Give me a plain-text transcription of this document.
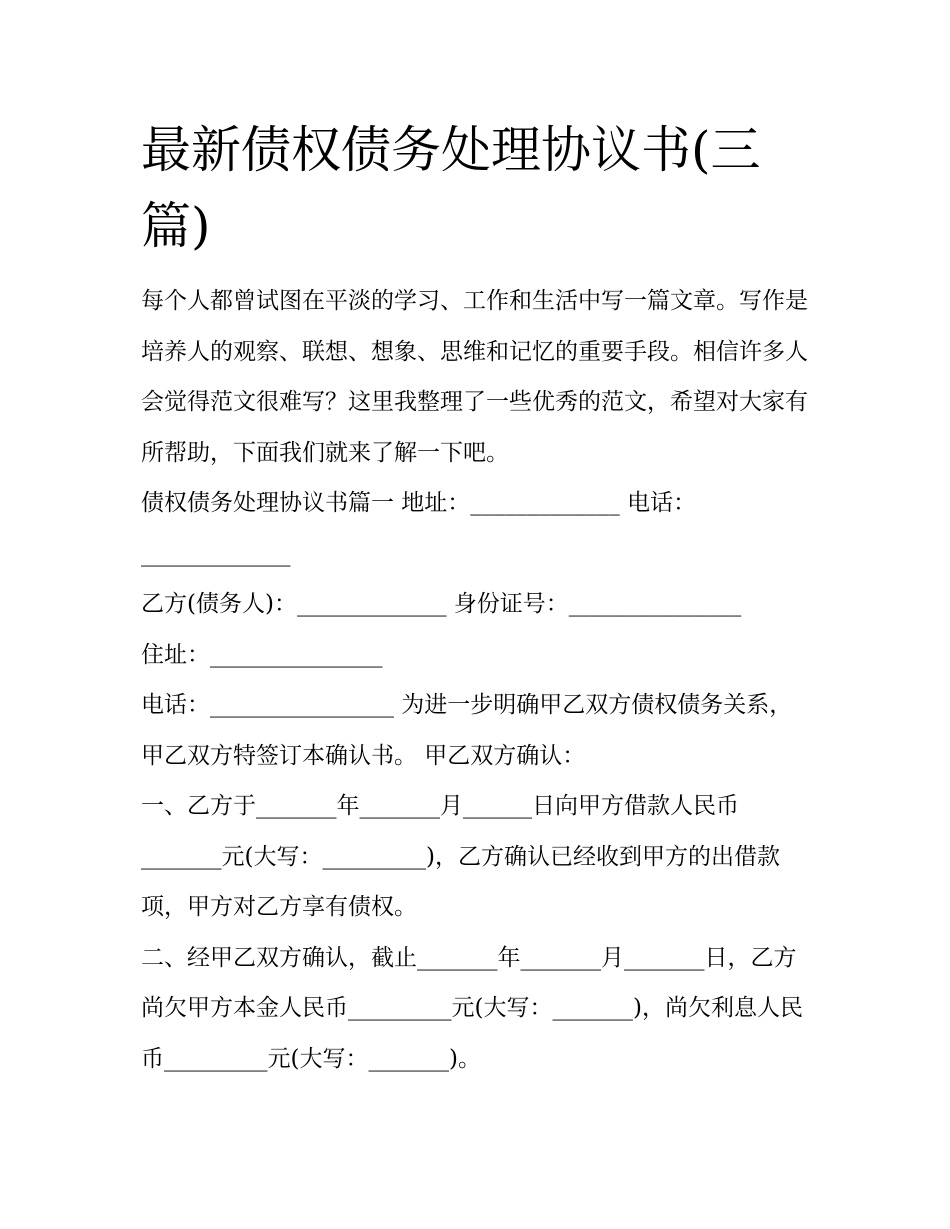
最新债权债务处理协议书(三篇)

每个人都曾试图在平淡的学习、工作和生活中写一篇文章。写作是培养人的观察、联想、想象、思维和记忆的重要手段。相信许多人会觉得范文很难写？这里我整理了一些优秀的范文，希望对大家有所帮助，下面我们就来了解一下吧。

债权债务处理协议书篇一 地址：_____________ 电话：_____________

乙方(债务人)：_____________ 身份证号：_______________

住址：_______________

电话：________________ 为进一步明确甲乙双方债权债务关系，甲乙双方特签订本确认书。 甲乙双方确认：

一、乙方于_______年_______月______日向甲方借款人民币_______元(大写：_________)，乙方确认已经收到甲方的出借款项，甲方对乙方享有债权。

二、经甲乙双方确认，截止_______年_______月_______日，乙方尚欠甲方本金人民币_________元(大写：_______)，尚欠利息人民币_________元(大写：_______)。
